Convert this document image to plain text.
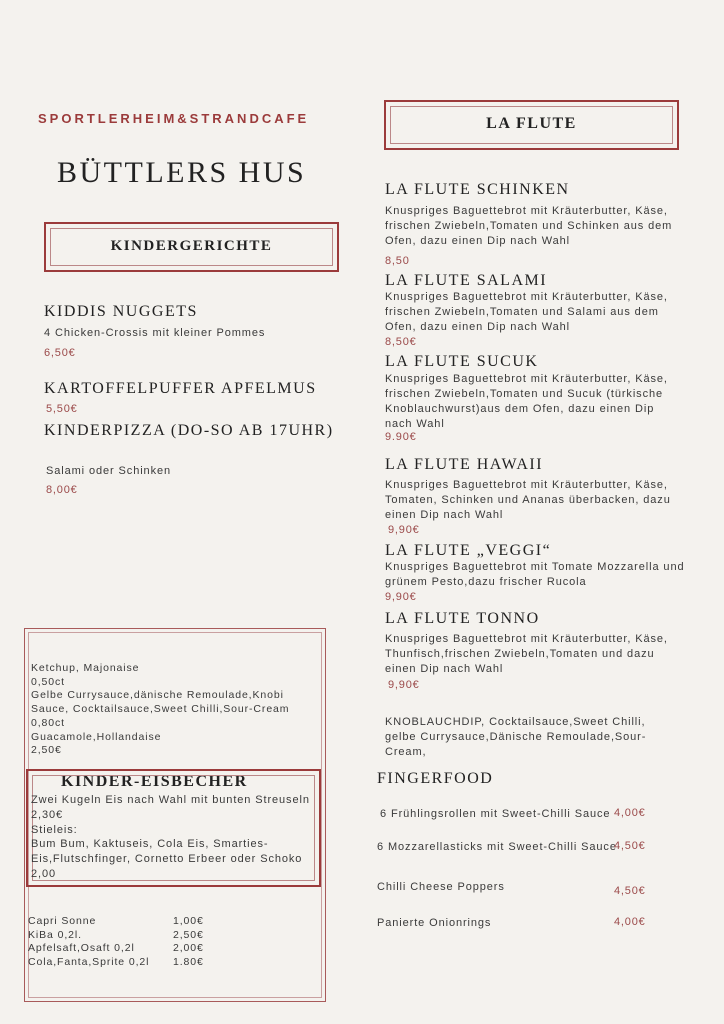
SPORTLERHEIM&STRANDCAFE
BÜTTLERS HUS
KINDERGERICHTE
KIDDIS NUGGETS
4 Chicken-Crossis mit kleiner Pommes
6,50€
KARTOFFELPUFFER APFELMUS
5,50€
KINDERPIZZA (DO-SO AB 17UHR)
Salami oder Schinken
8,00€
Ketchup, Majonaise
0,50ct
Gelbe Currysauce,dänische Remoulade,Knobi Sauce, Cocktailsauce,Sweet Chilli,Sour-Cream
0,80ct
Guacamole,Hollandaise
2,50€
KINDER-EISBECHER
Zwei Kugeln Eis nach Wahl mit bunten Streuseln
2,30€
Stieleis:
Bum Bum, Kaktuseis, Cola Eis, Smarties-Eis,Flutschfinger, Cornetto Erbeer oder Schoko
2,00
Capri Sonne	1,00€
KiBa 0,2l.	2,50€
Apfelsaft,Osaft 0,2l	2,00€
Cola,Fanta,Sprite 0,2l 1.80€
LA FLUTE
LA FLUTE SCHINKEN
Knuspriges Baguettebrot mit Kräuterbutter, Käse, frischen Zwiebeln,Tomaten und Schinken aus dem Ofen, dazu einen Dip nach Wahl
8,50
LA FLUTE SALAMI
Knuspriges Baguettebrot mit Kräuterbutter, Käse, frischen Zwiebeln,Tomaten und Salami aus dem Ofen, dazu einen Dip nach Wahl
8,50€
LA FLUTE SUCUK
Knuspriges Baguettebrot mit Kräuterbutter, Käse, frischen Zwiebeln,Tomaten und Sucuk (türkische Knoblauchwurst)aus dem Ofen, dazu einen Dip nach Wahl
9.90€
LA FLUTE HAWAII
Knuspriges Baguettebrot mit Kräuterbutter, Käse, Tomaten, Schinken und Ananas überbacken, dazu einen Dip nach Wahl
9,90€
LA FLUTE „VEGGI“
Knuspriges Baguettebrot mit Tomate Mozzarella und grünem Pesto,dazu frischer Rucola
9,90€
LA FLUTE TONNO
Knuspriges Baguettebrot mit Kräuterbutter, Käse, Thunfisch,frischen Zwiebeln,Tomaten und dazu einen Dip nach Wahl
9,90€
KNOBLAUCHDIP, Cocktailsauce,Sweet Chilli, gelbe Currysauce,Dänische Remoulade,Sour-Cream,
FINGERFOOD
6 Frühlingsrollen mit Sweet-Chilli Sauce 4,00€
6 Mozzarellasticks mit Sweet-Chilli Sauce
4,50€
Chilli Cheese Poppers	4,50€
Panierte Onionrings	4,00€
